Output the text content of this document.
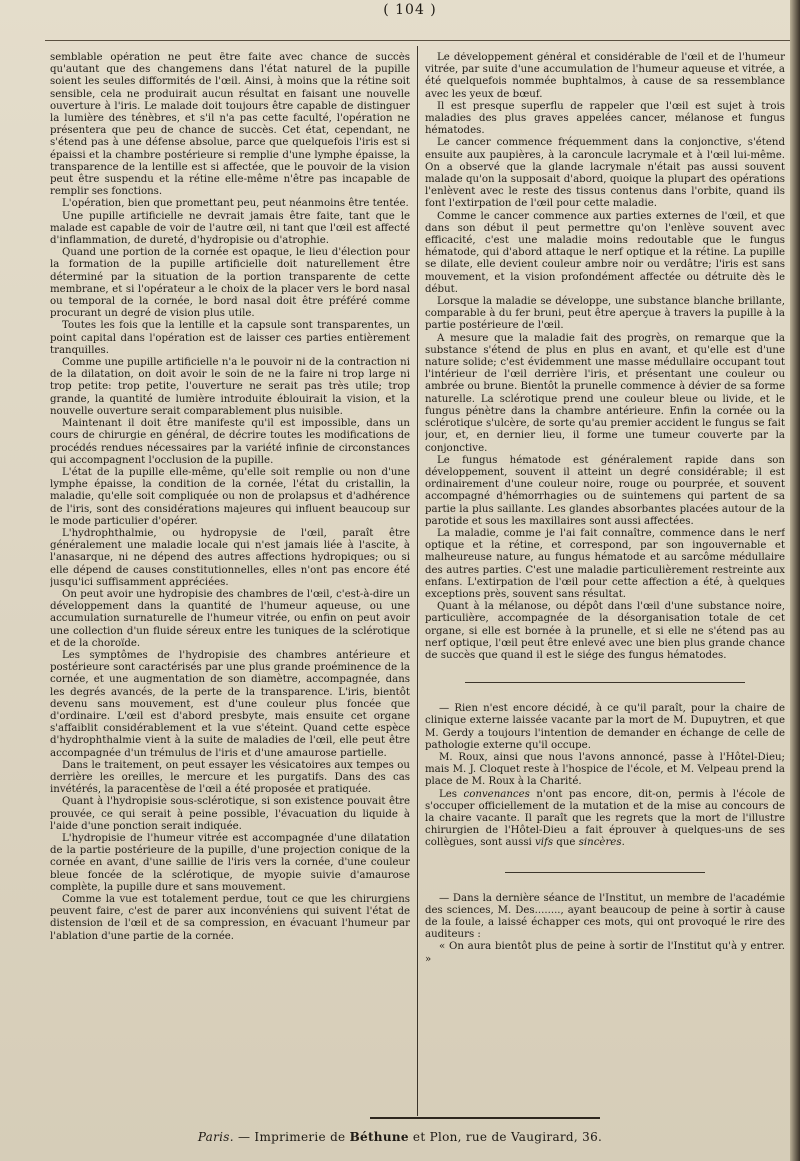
( 104 )

semblable opération ne peut être faite avec chance de succès qu'autant que des changemens dans l'état naturel de la pupille soient les seules difformités de l'œil. Ainsi, à moins que la rétine soit sensible, cela ne produirait aucun résultat en faisant une nouvelle ouverture à l'iris. Le malade doit toujours être capable de distinguer la lumière des ténèbres, et s'il n'a pas cette faculté, l'opération ne présentera que peu de chance de succès. Cet état, cependant, ne s'étend pas à une défense absolue, parce que quelquefois l'iris est si épaissi et la chambre postérieure si remplie d'une lymphe épaisse, la transparence de la lentille est si affectée, que le pouvoir de la vision peut être suspendu et la rétine elle-même n'être pas incapable de remplir ses fonctions.

L'opération, bien que promettant peu, peut néanmoins être tentée.

Une pupille artificielle ne devrait jamais être faite, tant que le malade est capable de voir de l'autre œil, ni tant que l'œil est affecté d'inflammation, de dureté, d'hydropisie ou d'atrophie.

Quand une portion de la cornée est opaque, le lieu d'élection pour la formation de la pupille artificielle doit naturellement être déterminé par la situation de la portion transparente de cette membrane, et si l'opérateur a le choix de la placer vers le bord nasal ou temporal de la cornée, le bord nasal doit être préféré comme procurant un degré de vision plus utile.

Toutes les fois que la lentille et la capsule sont transparentes, un point capital dans l'opération est de laisser ces parties entièrement tranquilles.

Comme une pupille artificielle n'a le pouvoir ni de la contraction ni de la dilatation, on doit avoir le soin de ne la faire ni trop large ni trop petite: trop petite, l'ouverture ne serait pas très utile; trop grande, la quantité de lumière introduite éblouirait la vision, et la nouvelle ouverture serait comparablement plus nuisible.

Maintenant il doit être manifeste qu'il est impossible, dans un cours de chirurgie en général, de décrire toutes les modifications de procédés rendues nécessaires par la variété infinie de circonstances qui accompagnent l'occlusion de la pupille.

L'état de la pupille elle-même, qu'elle soit remplie ou non d'une lymphe épaisse, la condition de la cornée, l'état du cristallin, la maladie, qu'elle soit compliquée ou non de prolapsus et d'adhérence de l'iris, sont des considérations majeures qui influent beaucoup sur le mode particulier d'opérer.

L'hydrophthalmie, ou hydropysie de l'œil, paraît être généralement une maladie locale qui n'est jamais liée à l'ascite, à l'anasarque, ni ne dépend des autres affections hydropiques; ou si elle dépend de causes constitutionnelles, elles n'ont pas encore été jusqu'ici suffisamment appréciées.

On peut avoir une hydropisie des chambres de l'œil, c'est-à-dire un développement dans la quantité de l'humeur aqueuse, ou une accumulation surnaturelle de l'humeur vitrée, ou enfin on peut avoir une collection d'un fluide séreux entre les tuniques de la sclérotique et de la choroïde.

Les symptômes de l'hydropisie des chambres antérieure et postérieure sont caractérisés par une plus grande proéminence de la cornée, et une augmentation de son diamètre, accompagnée, dans les degrés avancés, de la perte de la transparence. L'iris, bientôt devenu sans mouvement, est d'une couleur plus foncée que d'ordinaire. L'œil est d'abord presbyte, mais ensuite cet organe s'affaiblit considérablement et la vue s'éteint. Quand cette espèce d'hydrophthalmie vient à la suite de maladies de l'œil, elle peut être accompagnée d'un trémulus de l'iris et d'une amaurose partielle.

Dans le traitement, on peut essayer les vésicatoires aux tempes ou derrière les oreilles, le mercure et les purgatifs. Dans des cas invétérés, la paracentèse de l'œil a été proposée et pratiquée.

Quant à l'hydropisie sous-sclérotique, si son existence pouvait être prouvée, ce qui serait à peine possible, l'évacuation du liquide à l'aide d'une ponction serait indiquée.

L'hydropisie de l'humeur vitrée est accompagnée d'une dilatation de la partie postérieure de la pupille, d'une projection conique de la cornée en avant, d'une saillie de l'iris vers la cornée, d'une couleur bleue foncée de la sclérotique, de myopie suivie d'amaurose complète, la pupille dure et sans mouvement.

Comme la vue est totalement perdue, tout ce que les chirurgiens peuvent faire, c'est de parer aux inconvéniens qui suivent l'état de distension de l'œil et de sa compression, en évacuant l'humeur par l'ablation d'une partie de la cornée.

Le développement général et considérable de l'œil et de l'humeur vitrée, par suite d'une accumulation de l'humeur aqueuse et vitrée, a été quelquefois nommée buphtalmos, à cause de sa ressemblance avec les yeux de bœuf.

Il est presque superflu de rappeler que l'œil est sujet à trois maladies des plus graves appelées cancer, mélanose et fungus hématodes.

Le cancer commence fréquemment dans la conjonctive, s'étend ensuite aux paupières, à la caroncule lacrymale et à l'œil lui-même. On a observé que la glande lacrymale n'était pas aussi souvent malade qu'on la supposait d'abord, quoique la plupart des opérations l'enlèvent avec le reste des tissus contenus dans l'orbite, quand ils font l'extirpation de l'œil pour cette maladie.

Comme le cancer commence aux parties externes de l'œil, et que dans son début il peut permettre qu'on l'enlève souvent avec efficacité, c'est une maladie moins redoutable que le fungus hématode, qui d'abord attaque le nerf optique et la rétine. La pupille se dilate, elle devient couleur ambre noir ou verdâtre; l'iris est sans mouvement, et la vision profondément affectée ou détruite dès le début.

Lorsque la maladie se développe, une substance blanche brillante, comparable à du fer bruni, peut être aperçue à travers la pupille à la partie postérieure de l'œil.

A mesure que la maladie fait des progrès, on remarque que la substance s'étend de plus en plus en avant, et qu'elle est d'une nature solide; c'est évidemment une masse médullaire occupant tout l'intérieur de l'œil derrière l'iris, et présentant une couleur ou ambrée ou brune. Bientôt la prunelle commence à dévier de sa forme naturelle. La sclérotique prend une couleur bleue ou livide, et le fungus pénètre dans la chambre antérieure. Enfin la cornée ou la sclérotique s'ulcère, de sorte qu'au premier accident le fungus se fait jour, et, en dernier lieu, il forme une tumeur couverte par la conjonctive.

Le fungus hématode est généralement rapide dans son développement, souvent il atteint un degré considérable; il est ordinairement d'une couleur noire, rouge ou pourprée, et souvent accompagné d'hémorrhagies ou de suintemens qui partent de sa partie la plus saillante. Les glandes absorbantes placées autour de la parotide et sous les maxillaires sont aussi affectées.

La maladie, comme je l'ai fait connaître, commence dans le nerf optique et la rétine, et correspond, par son ingouvernable et malheureuse nature, au fungus hématode et au sarcôme médullaire des autres parties. C'est une maladie particulièrement restreinte aux enfans. L'extirpation de l'œil pour cette affection a été, à quelques exceptions près, souvent sans résultat.

Quant à la mélanose, ou dépôt dans l'œil d'une substance noire, particulière, accompagnée de la désorganisation totale de cet organe, si elle est bornée à la prunelle, et si elle ne s'étend pas au nerf optique, l'œil peut être enlevé avec une bien plus grande chance de succès que quand il est le siége des fungus hématodes.

— Rien n'est encore décidé, à ce qu'il paraît, pour la chaire de clinique externe laissée vacante par la mort de M. Dupuytren, et que M. Gerdy a toujours l'intention de demander en échange de celle de pathologie externe qu'il occupe.

M. Roux, ainsi que nous l'avons annoncé, passe à l'Hôtel-Dieu; mais M. J. Cloquet reste à l'hospice de l'école, et M. Velpeau prend la place de M. Roux à la Charité.

Les convenances n'ont pas encore, dit-on, permis à l'école de s'occuper officiellement de la mutation et de la mise au concours de la chaire vacante. Il paraît que les regrets que la mort de l'illustre chirurgien de l'Hôtel-Dieu a fait éprouver à quelques-uns de ses collègues, sont aussi vifs que sincères.

— Dans la dernière séance de l'Institut, un membre de l'académie des sciences, M. Des........, ayant beaucoup de peine à sortir à cause de la foule, a laissé échapper ces mots, qui ont provoqué le rire des auditeurs :

« On aura bientôt plus de peine à sortir de l'Institut qu'à y entrer. »

Paris. — Imprimerie de Béthune et Plon, rue de Vaugirard, 36.
